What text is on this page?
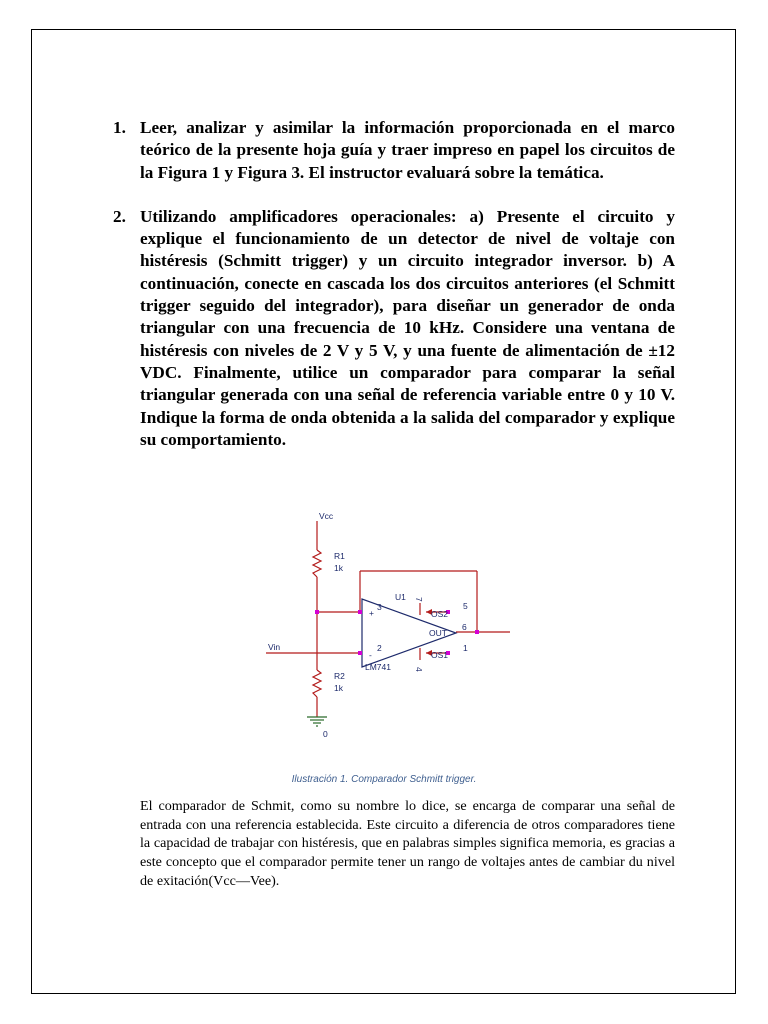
1. Leer, analizar y asimilar la información proporcionada en el marco teórico de la presente hoja guía y traer impreso en papel los circuitos de la Figura 1 y Figura 3. El instructor evaluará sobre la temática.
2. Utilizando amplificadores operacionales: a) Presente el circuito y explique el funcionamiento de un detector de nivel de voltaje con histéresis (Schmitt trigger) y un circuito integrador inversor. b) A continuación, conecte en cascada los dos circuitos anteriores (el Schmitt trigger seguido del integrador), para diseñar un generador de onda triangular con una frecuencia de 10 kHz. Considere una ventana de histéresis con niveles de 2 V y 5 V, y una fuente de alimentación de ±12 VDC. Finalmente, utilice un comparador para comparar la señal triangular generada con una señal de referencia variable entre 0 y 10 V. Indique la forma de onda obtenida a la salida del comparador y explique su comportamiento.
Vcc
R1
1k
R2
1k
Vin
0
U1
LM741
OUT
OS2
OS1
+
-
3
2
6
5
1
7
4
Ilustración 1. Comparador Schmitt trigger.

El comparador de Schmit, como su nombre lo dice, se encarga de comparar una señal de entrada con una referencia establecida. Este circuito a diferencia de otros comparadores tiene la capacidad de trabajar con histéresis, que en palabras simples significa memoria, es gracias a este concepto que el comparador permite tener un rango de voltajes antes de cambiar du nivel de exitación(Vcc—Vee).
